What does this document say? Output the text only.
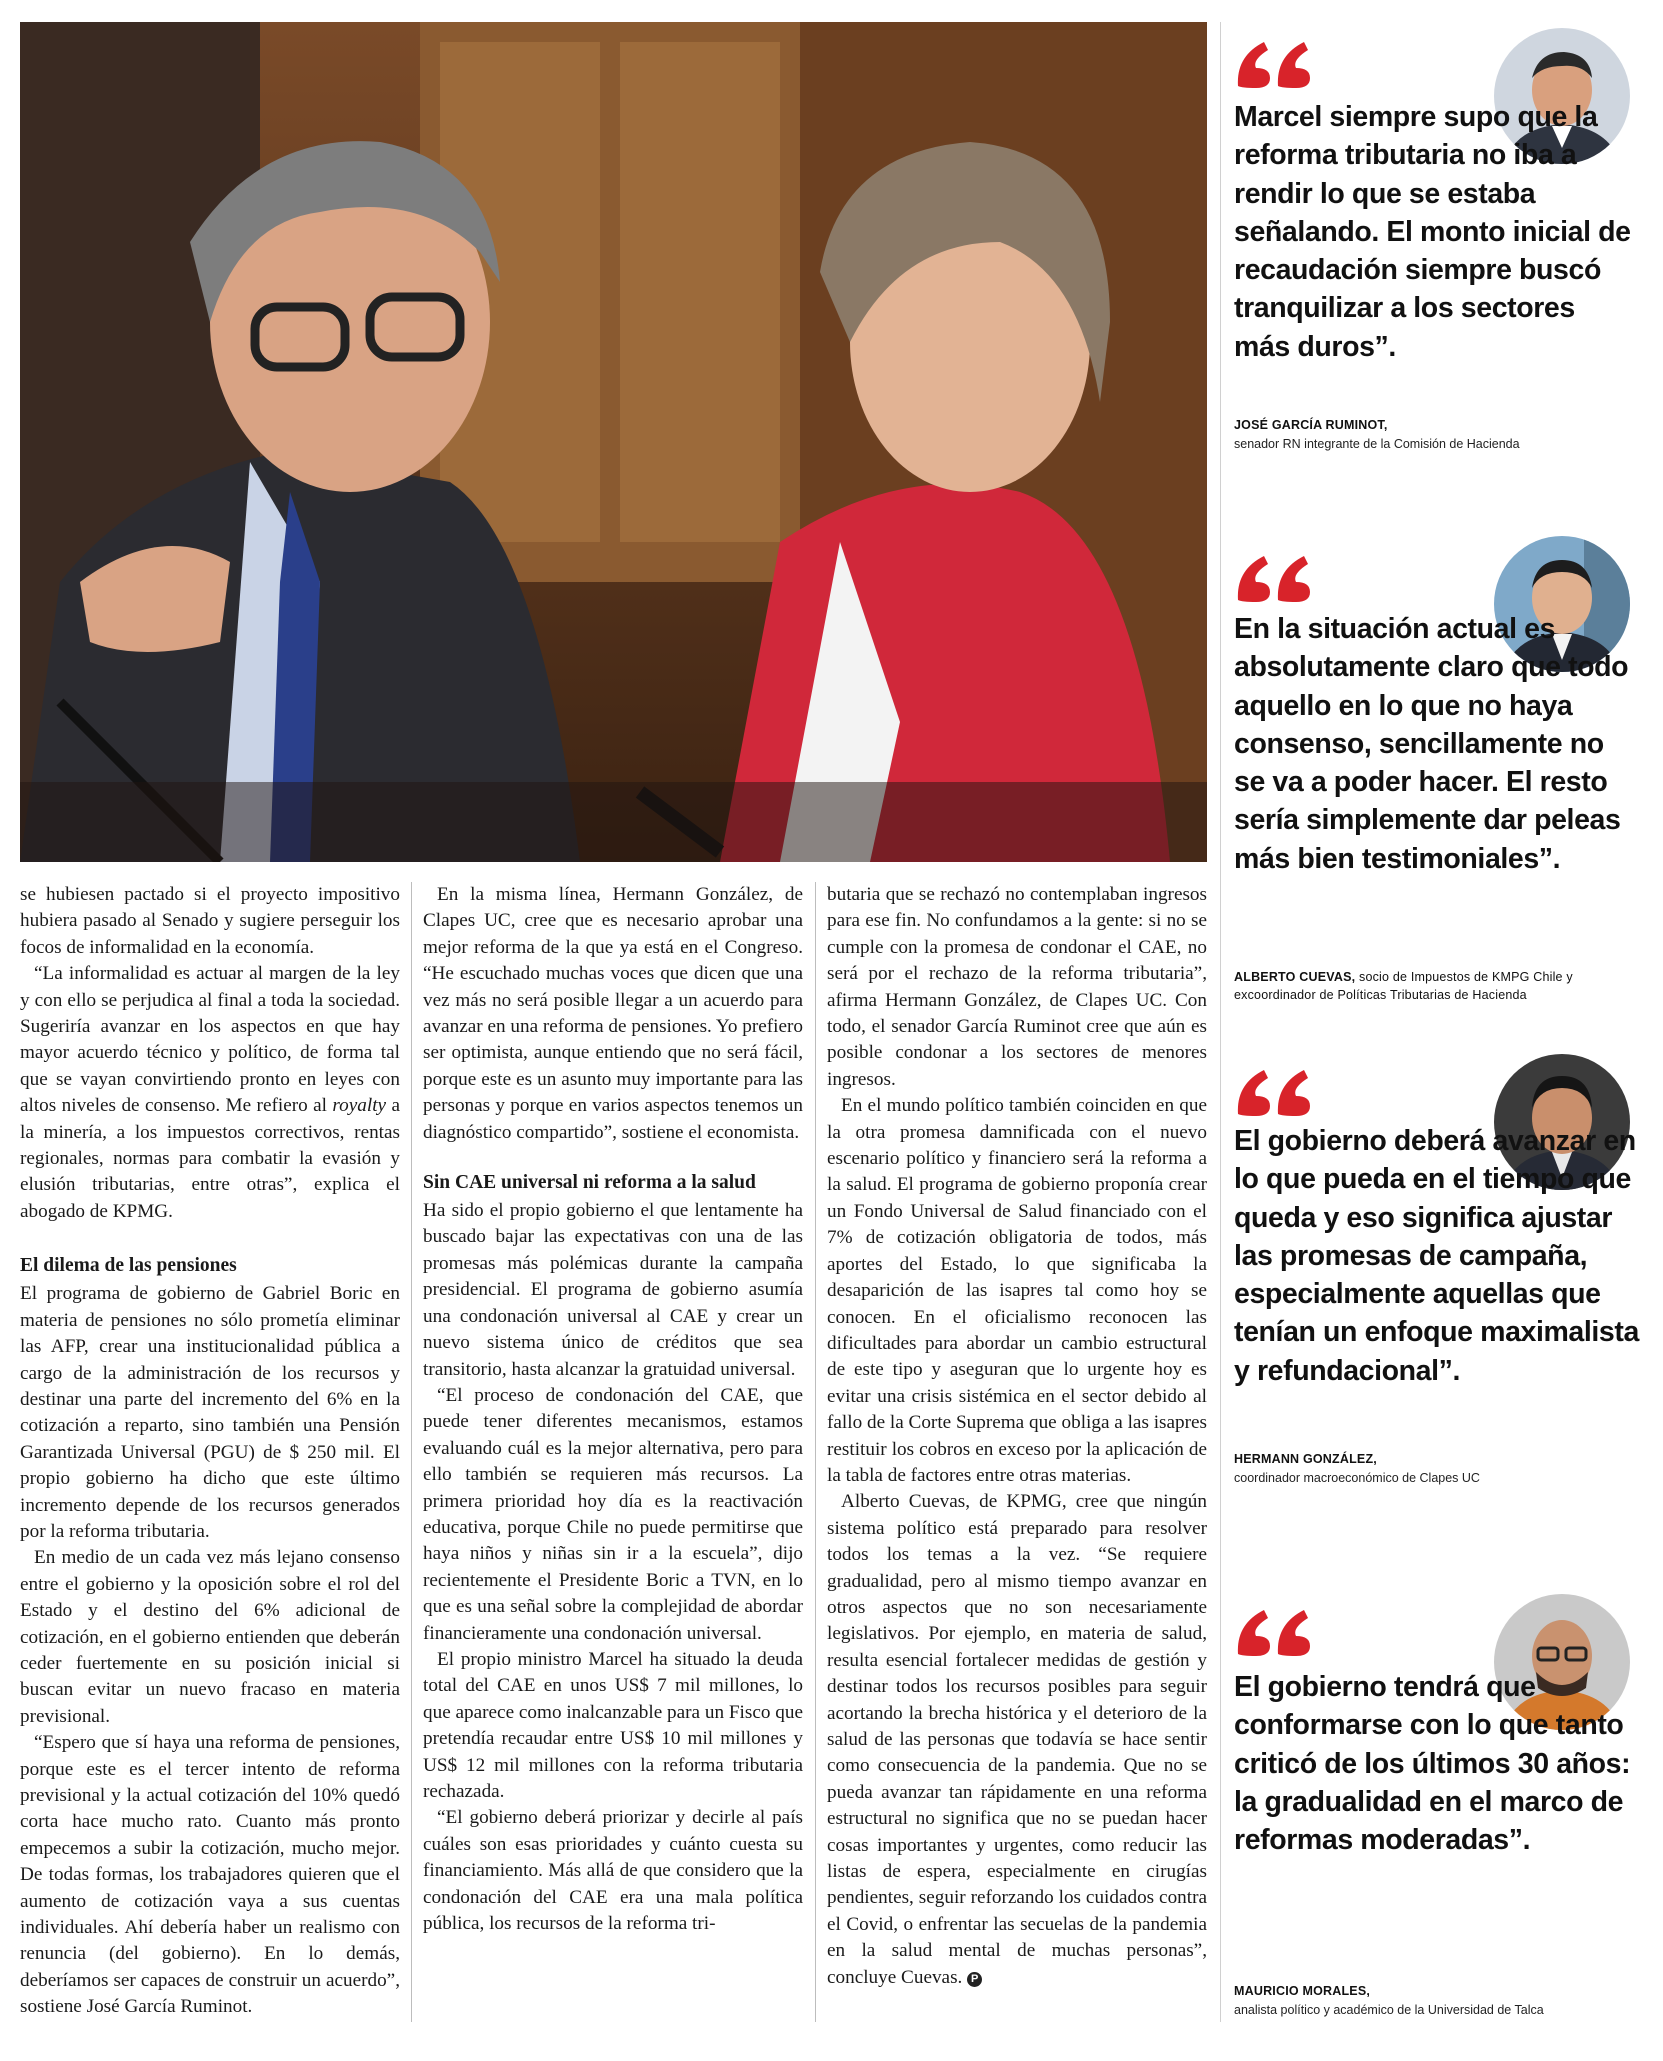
se hubiesen pactado si el proyecto impositivo hubiera pasado al Senado y sugiere perseguir los focos de informalidad en la economía.

“La informalidad es actuar al margen de la ley y con ello se perjudica al final a toda la sociedad. Sugeriría avanzar en los aspectos en que hay mayor acuerdo técnico y político, de forma tal que se vayan convirtiendo pronto en leyes con altos niveles de consenso. Me refiero al royalty a la minería, a los impuestos correctivos, rentas regionales, normas para combatir la evasión y elusión tributarias, entre otras”, explica el abogado de KPMG.

El dilema de las pensiones

El programa de gobierno de Gabriel Boric en materia de pensiones no sólo prometía eliminar las AFP, crear una institucionalidad pública a cargo de la administración de los recursos y destinar una parte del incremento del 6% en la cotización a reparto, sino también una Pensión Garantizada Universal (PGU) de $ 250 mil. El propio gobierno ha dicho que este último incremento depende de los recursos generados por la reforma tributaria.

En medio de un cada vez más lejano consenso entre el gobierno y la oposición sobre el rol del Estado y el destino del 6% adicional de cotización, en el gobierno entienden que deberán ceder fuertemente en su posición inicial si buscan evitar un nuevo fracaso en materia previsional.

“Espero que sí haya una reforma de pensiones, porque este es el tercer intento de reforma previsional y la actual cotización del 10% quedó corta hace mucho rato. Cuanto más pronto empecemos a subir la cotización, mucho mejor. De todas formas, los trabajadores quieren que el aumento de cotización vaya a sus cuentas individuales. Ahí debería haber un realismo con renuncia (del gobierno). En lo demás, deberíamos ser capaces de construir un acuerdo”, sostiene José García Ruminot.

En la misma línea, Hermann González, de Clapes UC, cree que es necesario aprobar una mejor reforma de la que ya está en el Congreso. “He escuchado muchas voces que dicen que una vez más no será posible llegar a un acuerdo para avanzar en una reforma de pensiones. Yo prefiero ser optimista, aunque entiendo que no será fácil, porque este es un asunto muy importante para las personas y porque en varios aspectos tenemos un diagnóstico compartido”, sostiene el economista.

Sin CAE universal ni reforma a la salud

Ha sido el propio gobierno el que lentamente ha buscado bajar las expectativas con una de las promesas más polémicas durante la campaña presidencial. El programa de gobierno asumía una condonación universal al CAE y crear un nuevo sistema único de créditos que sea transitorio, hasta alcanzar la gratuidad universal.

“El proceso de condonación del CAE, que puede tener diferentes mecanismos, estamos evaluando cuál es la mejor alternativa, pero para ello también se requieren más recursos. La primera prioridad hoy día es la reactivación educativa, porque Chile no puede permitirse que haya niños y niñas sin ir a la escuela”, dijo recientemente el Presidente Boric a TVN, en lo que es una señal sobre la complejidad de abordar financieramente una condonación universal.

El propio ministro Marcel ha situado la deuda total del CAE en unos US$ 7 mil millones, lo que aparece como inalcanzable para un Fisco que pretendía recaudar entre US$ 10 mil millones y US$ 12 mil millones con la reforma tributaria rechazada.

“El gobierno deberá priorizar y decirle al país cuáles son esas prioridades y cuánto cuesta su financiamiento. Más allá de que considero que la condonación del CAE era una mala política pública, los recursos de la reforma tri-

butaria que se rechazó no contemplaban ingresos para ese fin. No confundamos a la gente: si no se cumple con la promesa de condonar el CAE, no será por el rechazo de la reforma tributaria”, afirma Hermann González, de Clapes UC. Con todo, el senador García Ruminot cree que aún es posible condonar a los sectores de menores ingresos.

En el mundo político también coinciden en que la otra promesa damnificada con el nuevo escenario político y financiero será la reforma a la salud. El programa de gobierno proponía crear un Fondo Universal de Salud financiado con el 7% de cotización obligatoria de todos, más aportes del Estado, lo que significaba la desaparición de las isapres tal como hoy se conocen. En el oficialismo reconocen las dificultades para abordar un cambio estructural de este tipo y aseguran que lo urgente hoy es evitar una crisis sistémica en el sector debido al fallo de la Corte Suprema que obliga a las isapres restituir los cobros en exceso por la aplicación de la tabla de factores entre otras materias.

Alberto Cuevas, de KPMG, cree que ningún sistema político está preparado para resolver todos los temas a la vez. “Se requiere gradualidad, pero al mismo tiempo avanzar en otros aspectos que no son necesariamente legislativos. Por ejemplo, en materia de salud, resulta esencial fortalecer medidas de gestión y destinar todos los recursos posibles para seguir acortando la brecha histórica y el deterioro de la salud de las personas que todavía se hace sentir como consecuencia de la pandemia. Que no se pueda avanzar tan rápidamente en una reforma estructural no significa que no se puedan hacer cosas importantes y urgentes, como reducir las listas de espera, especialmente en cirugías pendientes, seguir reforzando los cuidados contra el Covid, o enfrentar las secuelas de la pandemia en la salud mental de muchas personas”, concluye Cuevas. P

Marcel siempre supo que la reforma tributaria no iba a rendir lo que se estaba señalando. El monto inicial de recaudación siempre buscó tranquilizar a los sectores más duros”.
JOSÉ GARCÍA RUMINOT,
senador RN integrante de la Comisión de Hacienda
En la situación actual es absolutamente claro que todo aquello en lo que no haya consenso, sencillamente no se va a poder hacer. El resto sería simplemente dar peleas más bien testimoniales”.
ALBERTO CUEVAS, socio de Impuestos de KMPG Chile y excoordinador de Políticas Tributarias de Hacienda
El gobierno deberá avanzar en lo que pueda en el tiempo que queda y eso significa ajustar las promesas de campaña, especialmente aquellas que tenían un enfoque maximalista y refundacional”.
HERMANN GONZÁLEZ,
coordinador macroeconómico de Clapes UC
El gobierno tendrá que conformarse con lo que tanto criticó de los últimos 30 años: la gradualidad en el marco de reformas moderadas”.
MAURICIO MORALES,
analista político y académico de la Universidad de Talca
